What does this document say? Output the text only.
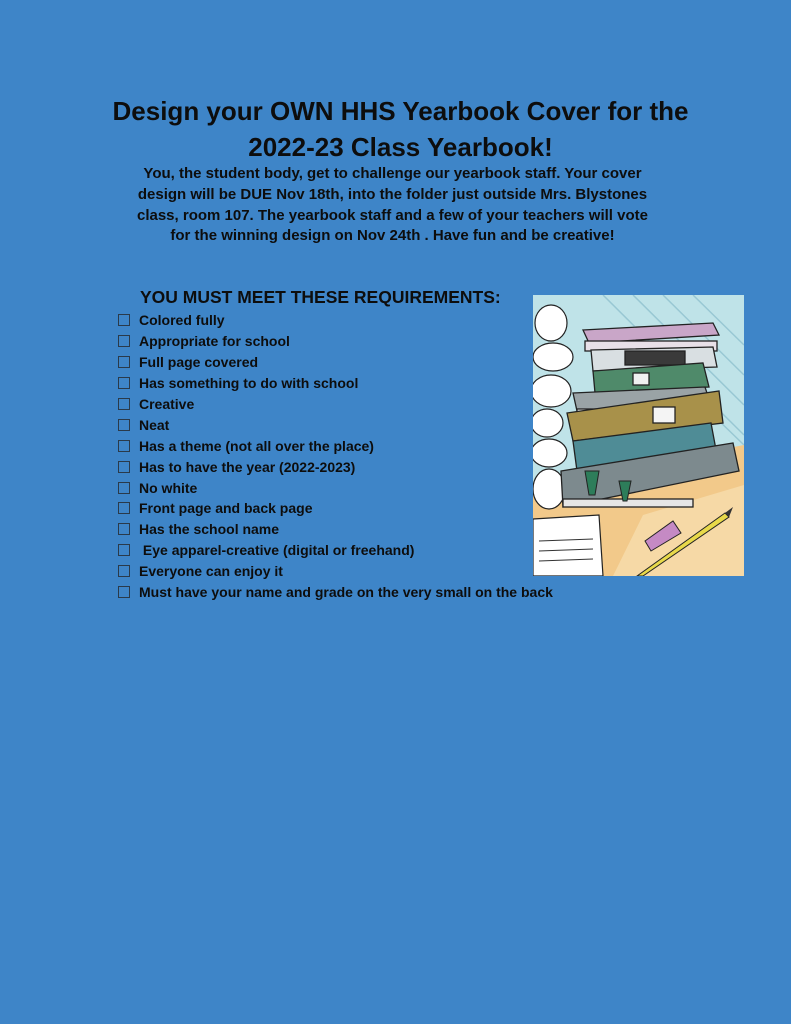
Design your OWN HHS Yearbook Cover for the
2022-23 Class Yearbook!

You, the student body, get to challenge our yearbook staff. Your cover design will be DUE Nov 18th, into the folder just outside Mrs. Blystones class, room 107. The yearbook staff and a few of your teachers will vote for the winning design on Nov 24th . Have fun and be creative!

YOU MUST MEET THESE REQUIREMENTS:
Colored fully
Appropriate for school
Full page covered
Has something to do with school
Creative
Neat
Has a theme (not all over the place)
Has to have the year (2022-2023)
No white
Front page and back page
Has the school name
Eye apparel-creative (digital or freehand)
Everyone can enjoy it
Must have your name and grade on the very small on the back
